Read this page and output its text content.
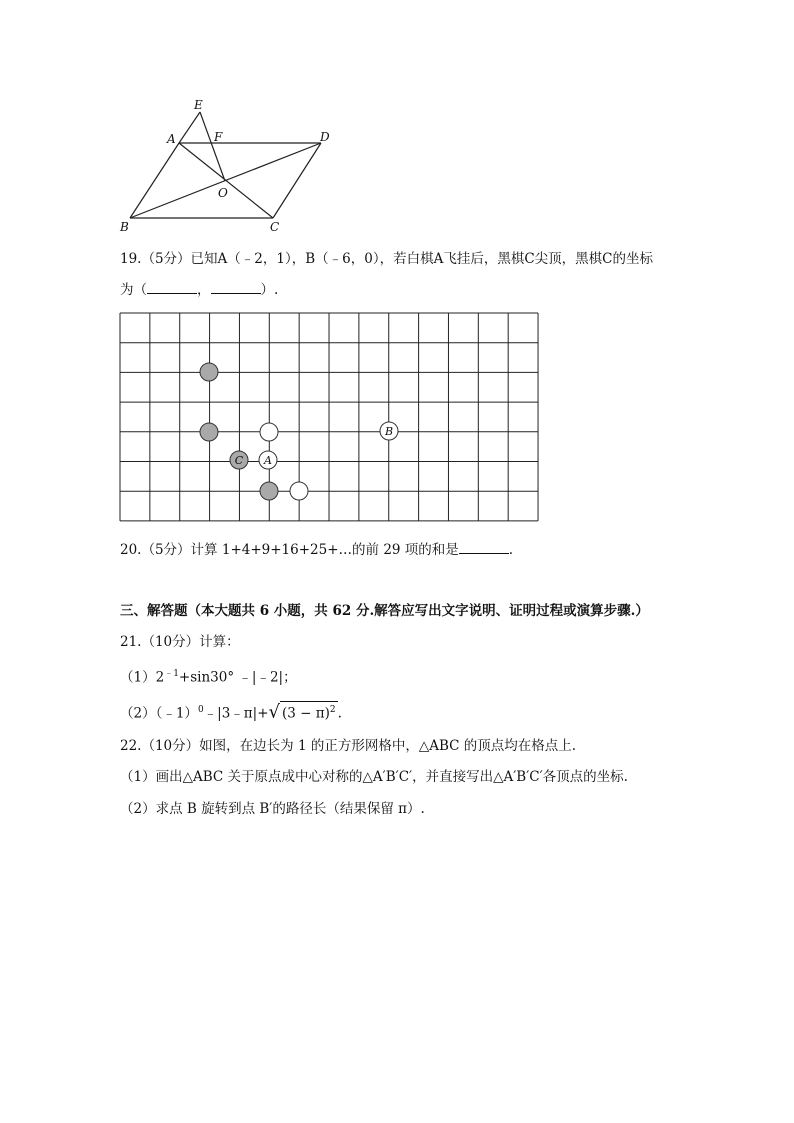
E
A	F	D
O
B	C
19.（5分）已知A（﹣2，1），B（﹣6，0），若白棋A飞挂后，黑棋C尖顶，黑棋C的坐标
为（	，	）.
B
C A
20.（5分）计算 1+4+9+16+25+…的前 29 项的和是	.
三、解答题（本大题共 6 小题，共 62 分.解答应写出文字说明、证明过程或演算步骤.）
21.（10分）计算：
$(1)2^{﹣1}+\sin 30^\circ$ ﹣|﹣2|；
（2）（﹣1）$^0$﹣|3﹣π|+√ $(3 - \pi)^2$ .
22.（10分）如图，在边长为 1 的正方形网格中，△ABC 的顶点均在格点上.
（1）画出△ABC 关于原点成中心对称的△A′B′C′，并直接写出△A′B′C′各顶点的坐标.
（2）求点 B 旋转到点 B′的路径长（结果保留 π）.
